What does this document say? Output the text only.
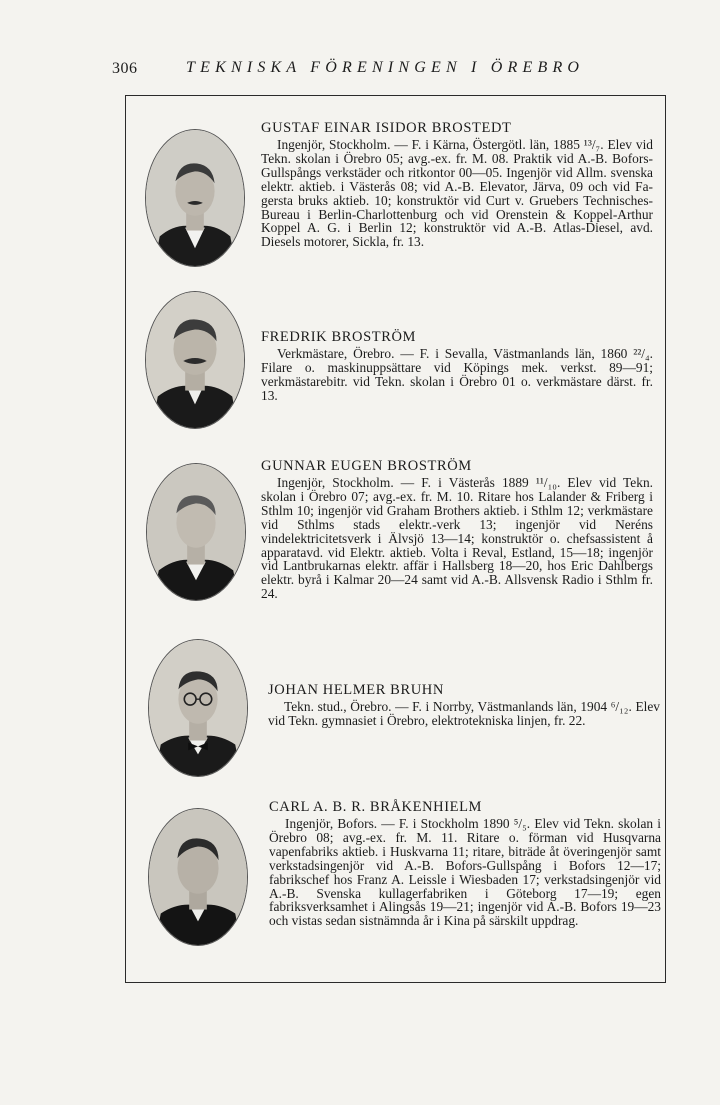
306	TEKNISKA FÖRENINGEN I ÖREBRO
GUSTAF EINAR ISIDOR BROSTEDT

Ingenjör, Stockholm. — F. i Kärna, Östergötl. län, 1885 ¹³/₇. Elev vid Tekn. skolan i Örebro 05; avg.-ex. fr. M. 08. Praktik vid A.-B. Bofors-Gullspångs verkstäder och ritkontor 00—05. Ingenjör vid Allm. svenska elektr. aktieb. i Västerås 08; vid A.-B. Elevator, Järva, 09 och vid Fagersta bruks aktieb. 10; konstruktör vid Curt v. Gruebers Technisches-Bureau i Berlin-Charlottenburg och vid Orenstein & Koppel-Arthur Koppel A. G. i Berlin 12; konstruktör vid A.-B. Atlas-Diesel, avd. Diesels motorer, Sickla, fr. 13.

FREDRIK BROSTRÖM

Verkmästare, Örebro. — F. i Sevalla, Västmanlands län, 1860 ²²/₄. Filare o. maskinuppsättare vid Köpings mek. verkst. 89—91; verkmästarebitr. vid Tekn. skolan i Örebro 01 o. verkmästare därst. fr. 13.

GUNNAR EUGEN BROSTRÖM

Ingenjör, Stockholm. — F. i Västerås 1889 ¹¹/₁₀. Elev vid Tekn. skolan i Örebro 07; avg.-ex. fr. M. 10. Ritare hos Lalander & Friberg i Sthlm 10; ingenjör vid Graham Brothers aktieb. i Sthlm 12; verkmästare vid Sthlms stads elektr.-verk 13; ingenjör vid Neréns vindelektricitetsverk i Älvsjö 13—14; konstruktör o. chefsassistent å apparatavd. vid Elektr. aktieb. Volta i Reval, Estland, 15—18; ingenjör vid Lantbrukarnas elektr. affär i Hallsberg 18—20, hos Eric Dahlbergs elektr. byrå i Kalmar 20—24 samt vid A.-B. Allsvensk Radio i Sthlm fr. 24.

JOHAN HELMER BRUHN

Tekn. stud., Örebro. — F. i Norrby, Västmanlands län, 1904 ⁶/₁₂. Elev vid Tekn. gymnasiet i Örebro, elektrotekniska linjen, fr. 22.

CARL A. B. R. BRÅKENHIELM

Ingenjör, Bofors. — F. i Stockholm 1890 ⁵/₅. Elev vid Tekn. skolan i Örebro 08; avg.-ex. fr. M. 11. Ritare o. förman vid Husqvarna vapenfabriks aktieb. i Huskvarna 11; ritare, biträde åt överingenjör samt verkstadsingenjör vid A.-B. Bofors-Gullspång i Bofors 12—17; fabrikschef hos Franz A. Leissle i Wiesbaden 17; verkstadsingenjör vid A.-B. Svenska kullagerfabriken i Göteborg 17—19; egen fabriksverksamhet i Alingsås 19—21; ingenjör vid A.-B. Bofors 19—23 och vistas sedan sistnämnda år i Kina på särskilt uppdrag.
